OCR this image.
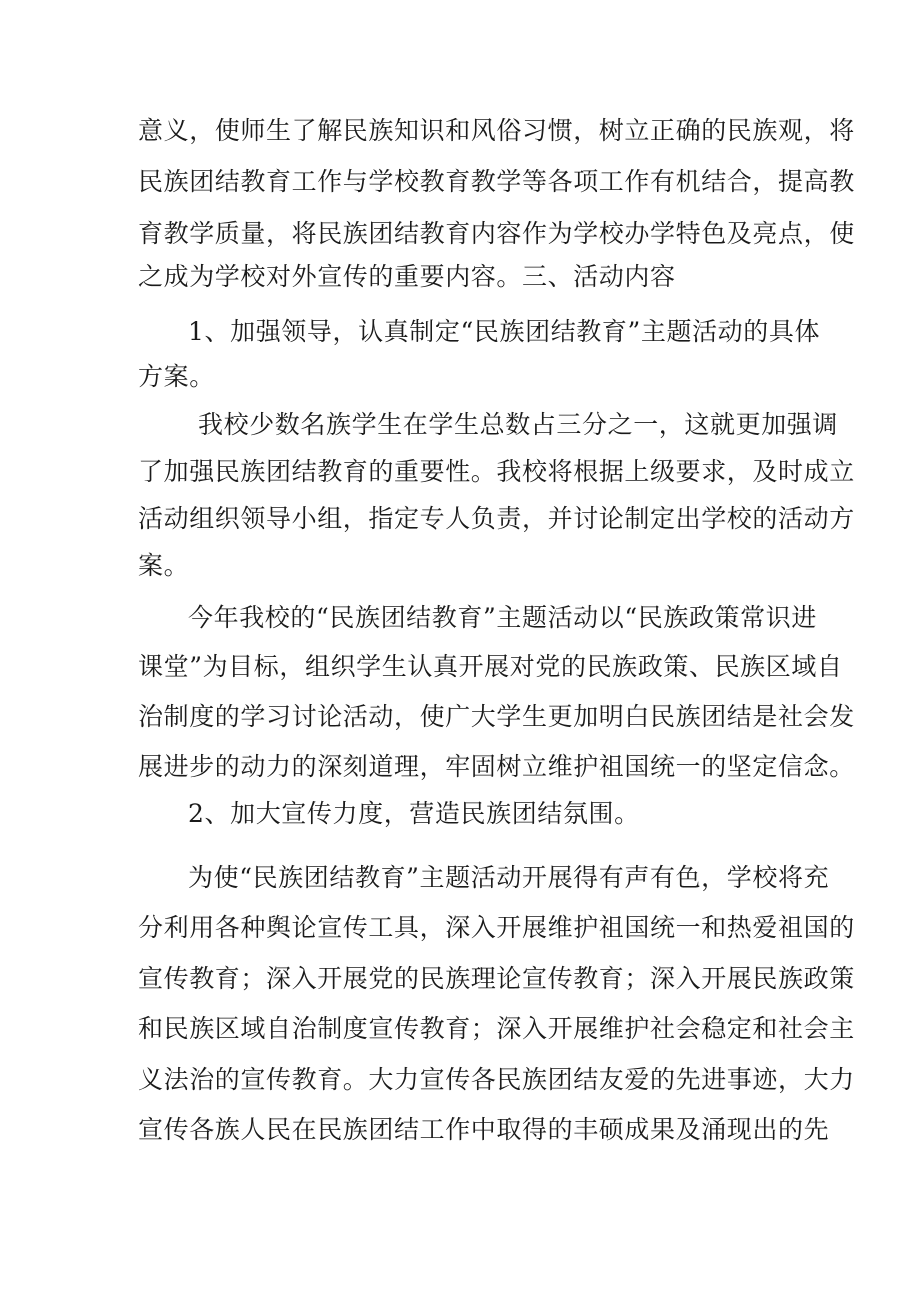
意义，使师生了解民族知识和风俗习惯，树立正确的民族观，将
民族团结教育工作与学校教育教学等各项工作有机结合，提高教
育教学质量，将民族团结教育内容作为学校办学特色及亮点，使
之成为学校对外宣传的重要内容。三、活动内容
1、加强领导，认真制定“民族团结教育”主题活动的具体
方案。
我校少数名族学生在学生总数占三分之一，这就更加强调
了加强民族团结教育的重要性。我校将根据上级要求，及时成立
活动组织领导小组，指定专人负责，并讨论制定出学校的活动方
案。
今年我校的“民族团结教育”主题活动以“民族政策常识进
课堂”为目标，组织学生认真开展对党的民族政策、民族区域自
治制度的学习讨论活动，使广大学生更加明白民族团结是社会发
展进步的动力的深刻道理，牢固树立维护祖国统一的坚定信念。
2、加大宣传力度，营造民族团结氛围。
为使“民族团结教育”主题活动开展得有声有色，学校将充
分利用各种舆论宣传工具，深入开展维护祖国统一和热爱祖国的
宣传教育；深入开展党的民族理论宣传教育；深入开展民族政策
和民族区域自治制度宣传教育；深入开展维护社会稳定和社会主
义法治的宣传教育。大力宣传各民族团结友爱的先进事迹，大力
宣传各族人民在民族团结工作中取得的丰硕成果及涌现出的先
